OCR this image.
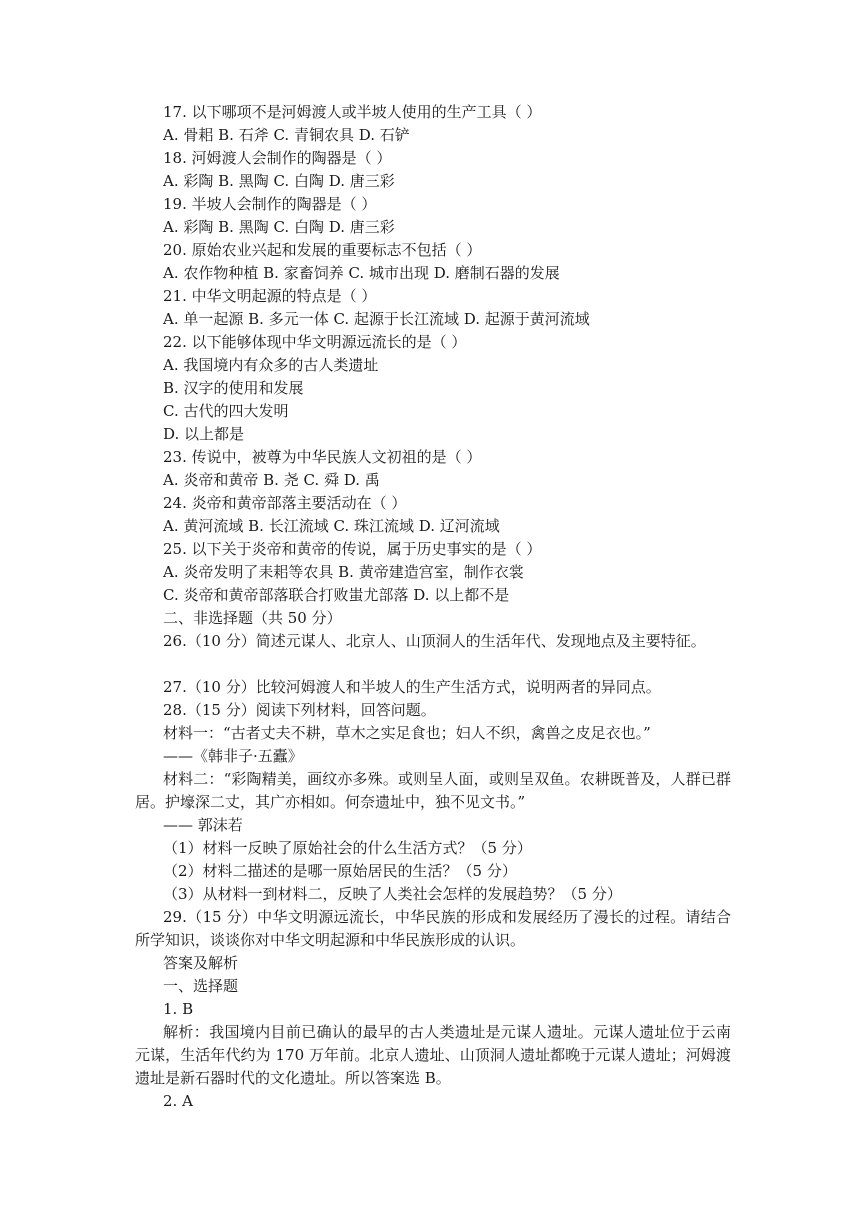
17. 以下哪项不是河姆渡人或半坡人使用的生产工具（ ）
A. 骨耜 B. 石斧 C. 青铜农具 D. 石铲
18. 河姆渡人会制作的陶器是（ ）
A. 彩陶 B. 黑陶 C. 白陶 D. 唐三彩
19. 半坡人会制作的陶器是（ ）
A. 彩陶 B. 黑陶 C. 白陶 D. 唐三彩
20. 原始农业兴起和发展的重要标志不包括（ ）
A. 农作物种植 B. 家畜饲养 C. 城市出现 D. 磨制石器的发展
21. 中华文明起源的特点是（ ）
A. 单一起源 B. 多元一体 C. 起源于长江流域 D. 起源于黄河流域
22. 以下能够体现中华文明源远流长的是（ ）
A. 我国境内有众多的古人类遗址
B. 汉字的使用和发展
C. 古代的四大发明
D. 以上都是
23. 传说中，被尊为中华民族人文初祖的是（ ）
A. 炎帝和黄帝 B. 尧 C. 舜 D. 禹
24. 炎帝和黄帝部落主要活动在（ ）
A. 黄河流域 B. 长江流域 C. 珠江流域 D. 辽河流域
25. 以下关于炎帝和黄帝的传说，属于历史事实的是（ ）
A. 炎帝发明了耒耜等农具 B. 黄帝建造宫室，制作衣裳
C. 炎帝和黄帝部落联合打败蚩尤部落 D. 以上都不是
二、非选择题（共 50 分）
26.（10 分）简述元谋人、北京人、山顶洞人的生活年代、发现地点及主要特征。
27.（10 分）比较河姆渡人和半坡人的生产生活方式，说明两者的异同点。
28.（15 分）阅读下列材料，回答问题。
材料一：“古者丈夫不耕，草木之实足食也；妇人不织，禽兽之皮足衣也。”
——《韩非子·五蠹》
材料二：“彩陶精美，画纹亦多殊。或则呈人面，或则呈双鱼。农耕既普及，人群已群居。护壕深二丈，其广亦相如。何奈遗址中，独不见文书。”
—— 郭沫若
（1）材料一反映了原始社会的什么生活方式？（5 分）
（2）材料二描述的是哪一原始居民的生活？（5 分）
（3）从材料一到材料二，反映了人类社会怎样的发展趋势？（5 分）
29.（15 分）中华文明源远流长，中华民族的形成和发展经历了漫长的过程。请结合所学知识，谈谈你对中华文明起源和中华民族形成的认识。
答案及解析
一、选择题
1. B
解析：我国境内目前已确认的最早的古人类遗址是元谋人遗址。元谋人遗址位于云南元谋，生活年代约为 170 万年前。北京人遗址、山顶洞人遗址都晚于元谋人遗址；河姆渡遗址是新石器时代的文化遗址。所以答案选 B。
2. A
